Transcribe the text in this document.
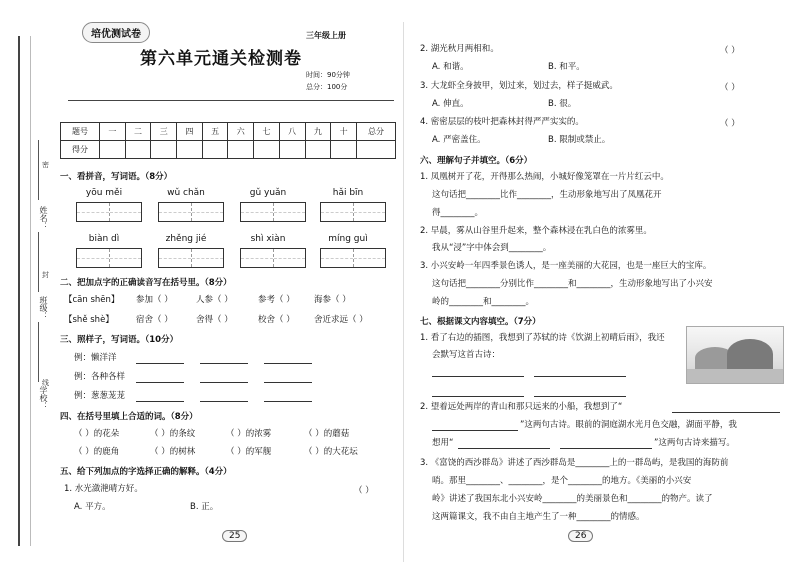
姓名：
班级：
学校：
密
封
线
培优测试卷	三年级上册
第六单元通关检测卷
时间：90分钟
总分：100分
题号	一	二	三	四	五	六	七	八	九	十	总分
得分											
一、看拼音，写词语。（8分）
yōu měi	wǔ chǎn	gǔ yuǎn	hǎi bīn
biàn dì	zhěng jié	shì xiàn	míng guì
二、把加点字的正确读音写在括号里。（8分）
【cān shēn】 参加（ ）	人参（ ）	参考（ ） 海参（ ）
【shě shè】	宿舍（ ）	舍得（ ）	校舍（ ） 舍近求远（ ）
三、照样子，写词语。（10分）
例：懒洋洋
例：各种各样
例：葱葱茏茏
四、在括号里填上合适的词。（8分）
（ ）的花朵	（ ）的条纹	（ ）的浓雾	（ ）的蘑菇
（ ）的鹿角	（ ）的树林	（ ）的军舰	（ ）的大花坛
五、给下列加点的字选择正确的解释。（4分）
1. 水光潋滟晴方好。	（ ）
A. 平方。	B. 正。
25
2. 湖光秋月两相和。	（ ）
A. 和谐。	B. 和平。
3. 大龙虾全身披甲，划过来，划过去，样子挺威武。	（ ）
A. 伸直。	B. 很。
4. 密密层层的枝叶把森林封得严严实实的。	（ ）
A. 严密盖住。	B. 限制或禁止。
六、理解句子并填空。（6分）
1. 凤凰树开了花，开得那么热闹，小城好像笼罩在一片片红云中。
这句话把________比作________，生动形象地写出了凤凰花开
得________。
2. 早晨，雾从山谷里升起来，整个森林浸在乳白色的浓雾里。
我从“浸”字中体会到________。
3. 小兴安岭一年四季景色诱人，是一座美丽的大花园，也是一座巨大的宝库。
这句话把________分别比作________和________，生动形象地写出了小兴安
岭的________和________。
七、根据课文内容填空。（7分）
1. 看了右边的插图，我想到了苏轼的诗《饮湖上初晴后雨》，我还
会默写这首古诗：
2. 望着远处两岸的青山和那只远来的小船，我想到了“
”这两句古诗。眼前的洞庭湖水光月色交融，湖面平静，我
想用“	”这两句古诗来描写。
3. 《富饶的西沙群岛》讲述了西沙群岛是________上的一群岛屿，是我国的海防前
哨。那里________、________，是个________的地方。《美丽的小兴安
岭》讲述了我国东北小兴安岭________的美丽景色和________的物产。读了
这两篇课文，我不由自主地产生了一种________的情感。
26
